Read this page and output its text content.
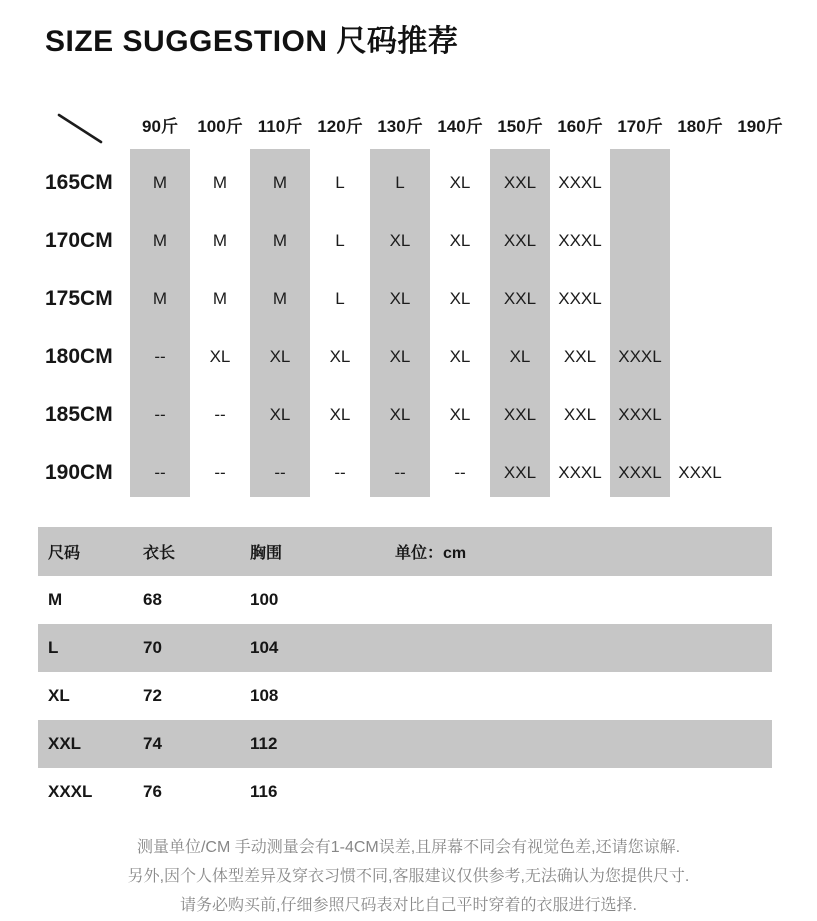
SIZE SUGGESTION 尺码推荐
	90斤	100斤	110斤	120斤	130斤	140斤	150斤	160斤	170斤	180斤	190斤
165CM	M	M	M	L	L	XL	XXL	XXXL			
170CM	M	M	M	L	XL	XL	XXL	XXXL			
175CM	M	M	M	L	XL	XL	XXL	XXXL			
180CM	--	XL	XL	XL	XL	XL	XL	XXL	XXXL		
185CM	--	--	XL	XL	XL	XL	XXL	XXL	XXXL		
190CM	--	--	--	--	--	--	XXL	XXXL	XXXL	XXXL	
尺码	衣长	胸围	单位：cm
M	68	100	
L	70	104	
XL	72	108	
XXL	74	112	
XXXL	76	116	
测量单位/CM 手动测量会有1-4CM误差,且屏幕不同会有视觉色差,还请您谅解.
另外,因个人体型差异及穿衣习惯不同,客服建议仅供参考,无法确认为您提供尺寸.
请务必购买前,仔细参照尺码表对比自己平时穿着的衣服进行选择.
